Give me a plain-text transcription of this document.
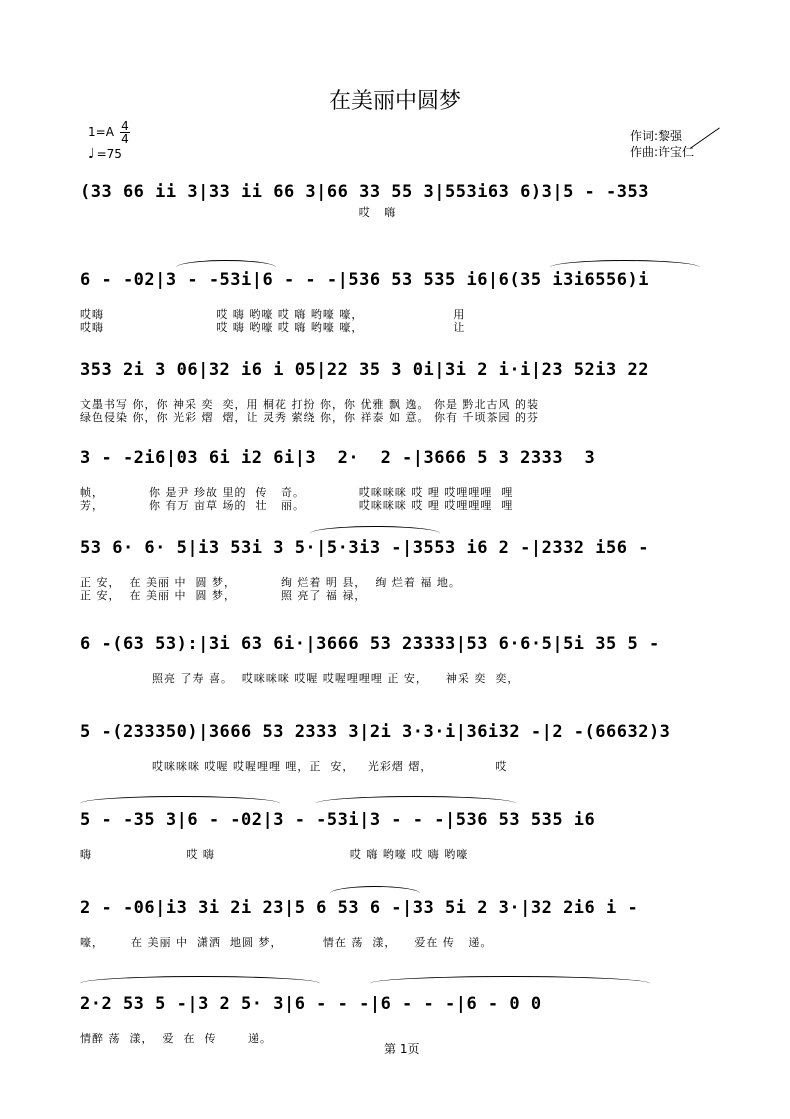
在美丽中圆梦
$1=A \frac{4}{4}$
♩ =75
作词:黎强
作曲:许宝仁
(33 66 ii 3|33 ii 66 3|66 33 55 3|553i63 6)3|5 - -353
哎   嗨
6 - -02|3 - -53i|6 - - -|536 53 535 i6|6(35 i3i6556)i
哎嗨                         哎 嗨 哟嚎 哎 嗨 哟嚎 嚎，                    用
哎嗨                         哎 嗨 哟嚎 哎 嗨 哟嚎 嚎，                    让
353 2i 3 06|32 i6 i 05|22 35 3 0i|3i 2 i·i|23 52i3 22
文墨书写 你，你 神采 奕  奕，用 桐花 打扮 你，你 优雅 飘 逸。 你是 黔北古风 的装
绿色侵染 你，你 光彩 熠  熠，让 灵秀 萦绕 你，你 祥泰 如 意。 你有 千顷茶园 的芬
3 - -2i6|03 6i i2 6i|3  2·  2 -|3666 5 3 2333  3
帧，          你 是尹 珍故 里的  传   奇。            哎咪咪咪 哎 哩 哎哩哩哩  哩
芳，          你 有万 亩草 场的  壮   丽。            哎咪咪咪 哎 哩 哎哩哩哩  哩
53 6· 6· 5|i3 53i 3 5·|5·3i3 -|3553 i6 2 -|2332 i56 -
正 安，  在 美丽 中  圆 梦，          绚 烂着 明 县，  绚 烂着 福 地。
正 安，  在 美丽 中  圆 梦，          照 亮了 福 禄，
6 -(63 53):|3i 63 6i·|3666 53 23333|53 6·6·5|5i 35 5 -
照亮 了寿 喜。  哎咪咪咪 哎喔 哎喔哩哩哩 正 安，    神采 奕  奕，
5 -(233350)|3666 53 2333 3|2i 3·3·i|36i32 -|2 -(66632)3
哎咪咪咪 哎喔 哎喔哩哩 哩，正  安，   光彩熠 熠，              哎
5 - -35 3|6 - -02|3 - -53i|3 - - -|536 53 535 i6
嗨                     哎 嗨                              哎 嗨 哟嚎 哎 嗨 哟嚎
2 - -06|i3 3i 2i 23|5 6 53 6 -|33 5i 2 3·|32 2i6 i -
嚎，      在 美丽 中  潇洒  地圆 梦，         情在 荡  漾，    爱在 传   递。
2·2 53 5 -|3 2 5· 3|6 - - -|6 - - -|6 - 0 0
情醉 荡  漾，  爱  在  传       递。
第 1页
